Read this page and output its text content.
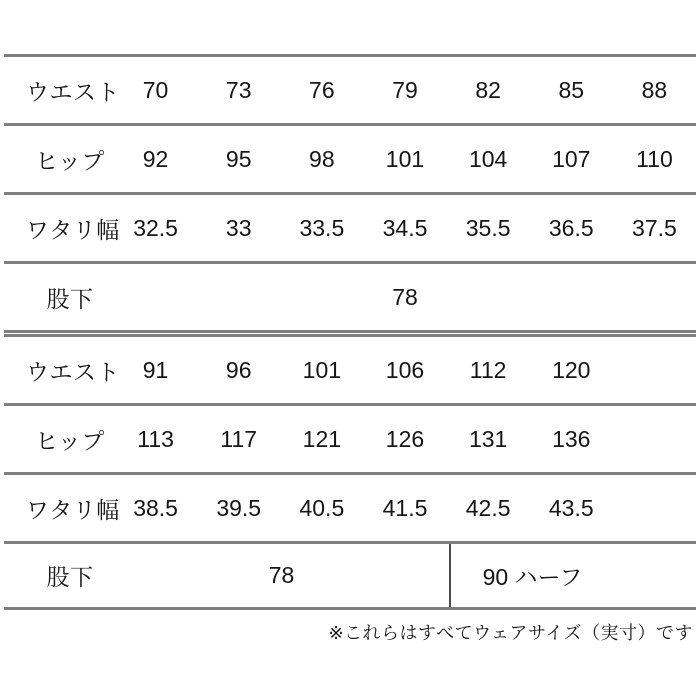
ウエスト 70	73	76	79	82	85	88
ヒップ	92	95	98	101	104	107	110
ワタリ幅 32.5	33	33.5	34.5	35.5	36.5	37.5
股下	78
ウエスト 91	96	101	106	112	120
ヒップ	113	117	121	126	131	136
ワタリ幅 38.5	39.5	40.5	41.5	42.5	43.5
股下	78	90 ハーフ
※これらはすべてウェアサイズ（実寸）です
